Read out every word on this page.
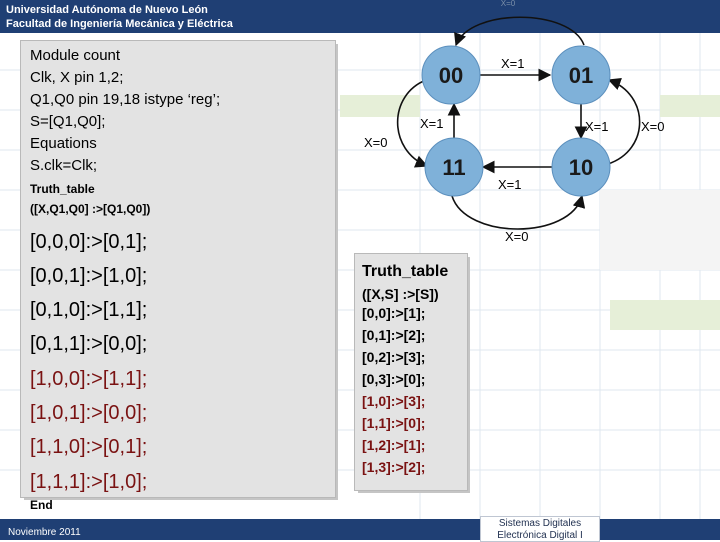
Universidad Autónoma de Nuevo León
Facultad de Ingeniería Mecánica y Eléctrica
X=0
Module count
Clk, X pin 1,2;
Q1,Q0 pin 19,18 istype ‘reg’;
S=[Q1,Q0];
Equations
S.clk=Clk;
Truth_table
([X,Q1,Q0] :>[Q1,Q0])
[0,0,0]:>[0,1];
[0,0,1]:>[1,0];
[0,1,0]:>[1,1];
[0,1,1]:>[0,0];
[1,0,0]:>[1,1];
[1,0,1]:>[0,0];
[1,1,0]:>[0,1];
[1,1,1]:>[1,0];
End
00	01
11	10
X=1
X=1	X=1
X=1
X=0
X=0
X=0
Truth_table
([X,S] :>[S])
[0,0]:>[1];
[0,1]:>[2];
[0,2]:>[3];
[0,3]:>[0];
[1,0]:>[3];
[1,1]:>[0];
[1,2]:>[1];
[1,3]:>[2];
Noviembre 2011
Sistemas Digitales
Electrónica Digital I
